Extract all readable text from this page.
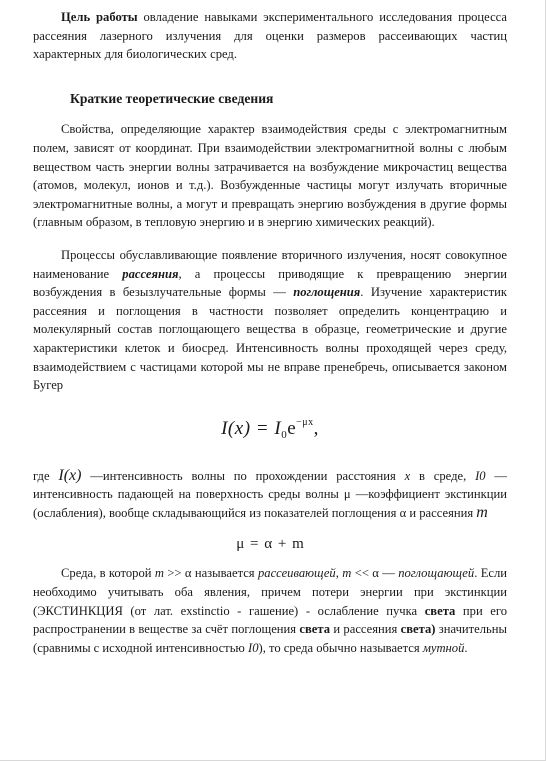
Цель работы овладение навыками экспериментального исследования процесса рассеяния лазерного излучения для оценки размеров рассеивающих частиц характерных для биологических сред.

Краткие теоретические сведения

Свойства, определяющие характер взаимодействия среды с электромагнитным полем, зависят от координат. При взаимодействии электромагнитной волны с любым веществом часть энергии волны затрачивается на возбуждение микрочастиц вещества (атомов, молекул, ионов и т.д.). Возбужденные частицы могут излучать вторичные электромагнитные волны, а могут и превращать энергию возбуждения в другие формы (главным образом, в тепловую энергию и в энергию химических реакций).

Процессы обуславливающие появление вторичного излучения, носят совокупное наименование рассеяния, а процессы приводящие к превращению энергии возбуждения в безызлучательные формы — поглощения. Изучение характеристик рассеяния и поглощения в частности позволяет определить концентрацию и молекулярный состав поглощающего вещества в образце, геометрические и другие характеристики клеток и биосред. Интенсивность волны проходящей через среду, взаимодействием с частицами которой мы не вправе пренебречь, описывается законом Бугер

$I(x) = I_0e^{-\mu x}$,

где I(x) —интенсивность волны по прохождении расстояния x в среде, I0 — интенсивность падающей на поверхность среды волны μ —коэффициент экстинкции (ослабления), вообще складывающийся из показателей поглощения α и рассеяния m

μ = α + m

Среда, в которой m >> α называется рассеивающей, m << α — поглощающей. Если необходимо учитывать оба явления, причем потери энергии при экстинкции (ЭКСТИНКЦИЯ (от лат. exstinctio - гашение) - ослабление пучка света при его распространении в веществе за счёт поглощения света и рассеяния света) значительны (сравнимы с исходной интенсивностью I0), то среда обычно называется мутной.
